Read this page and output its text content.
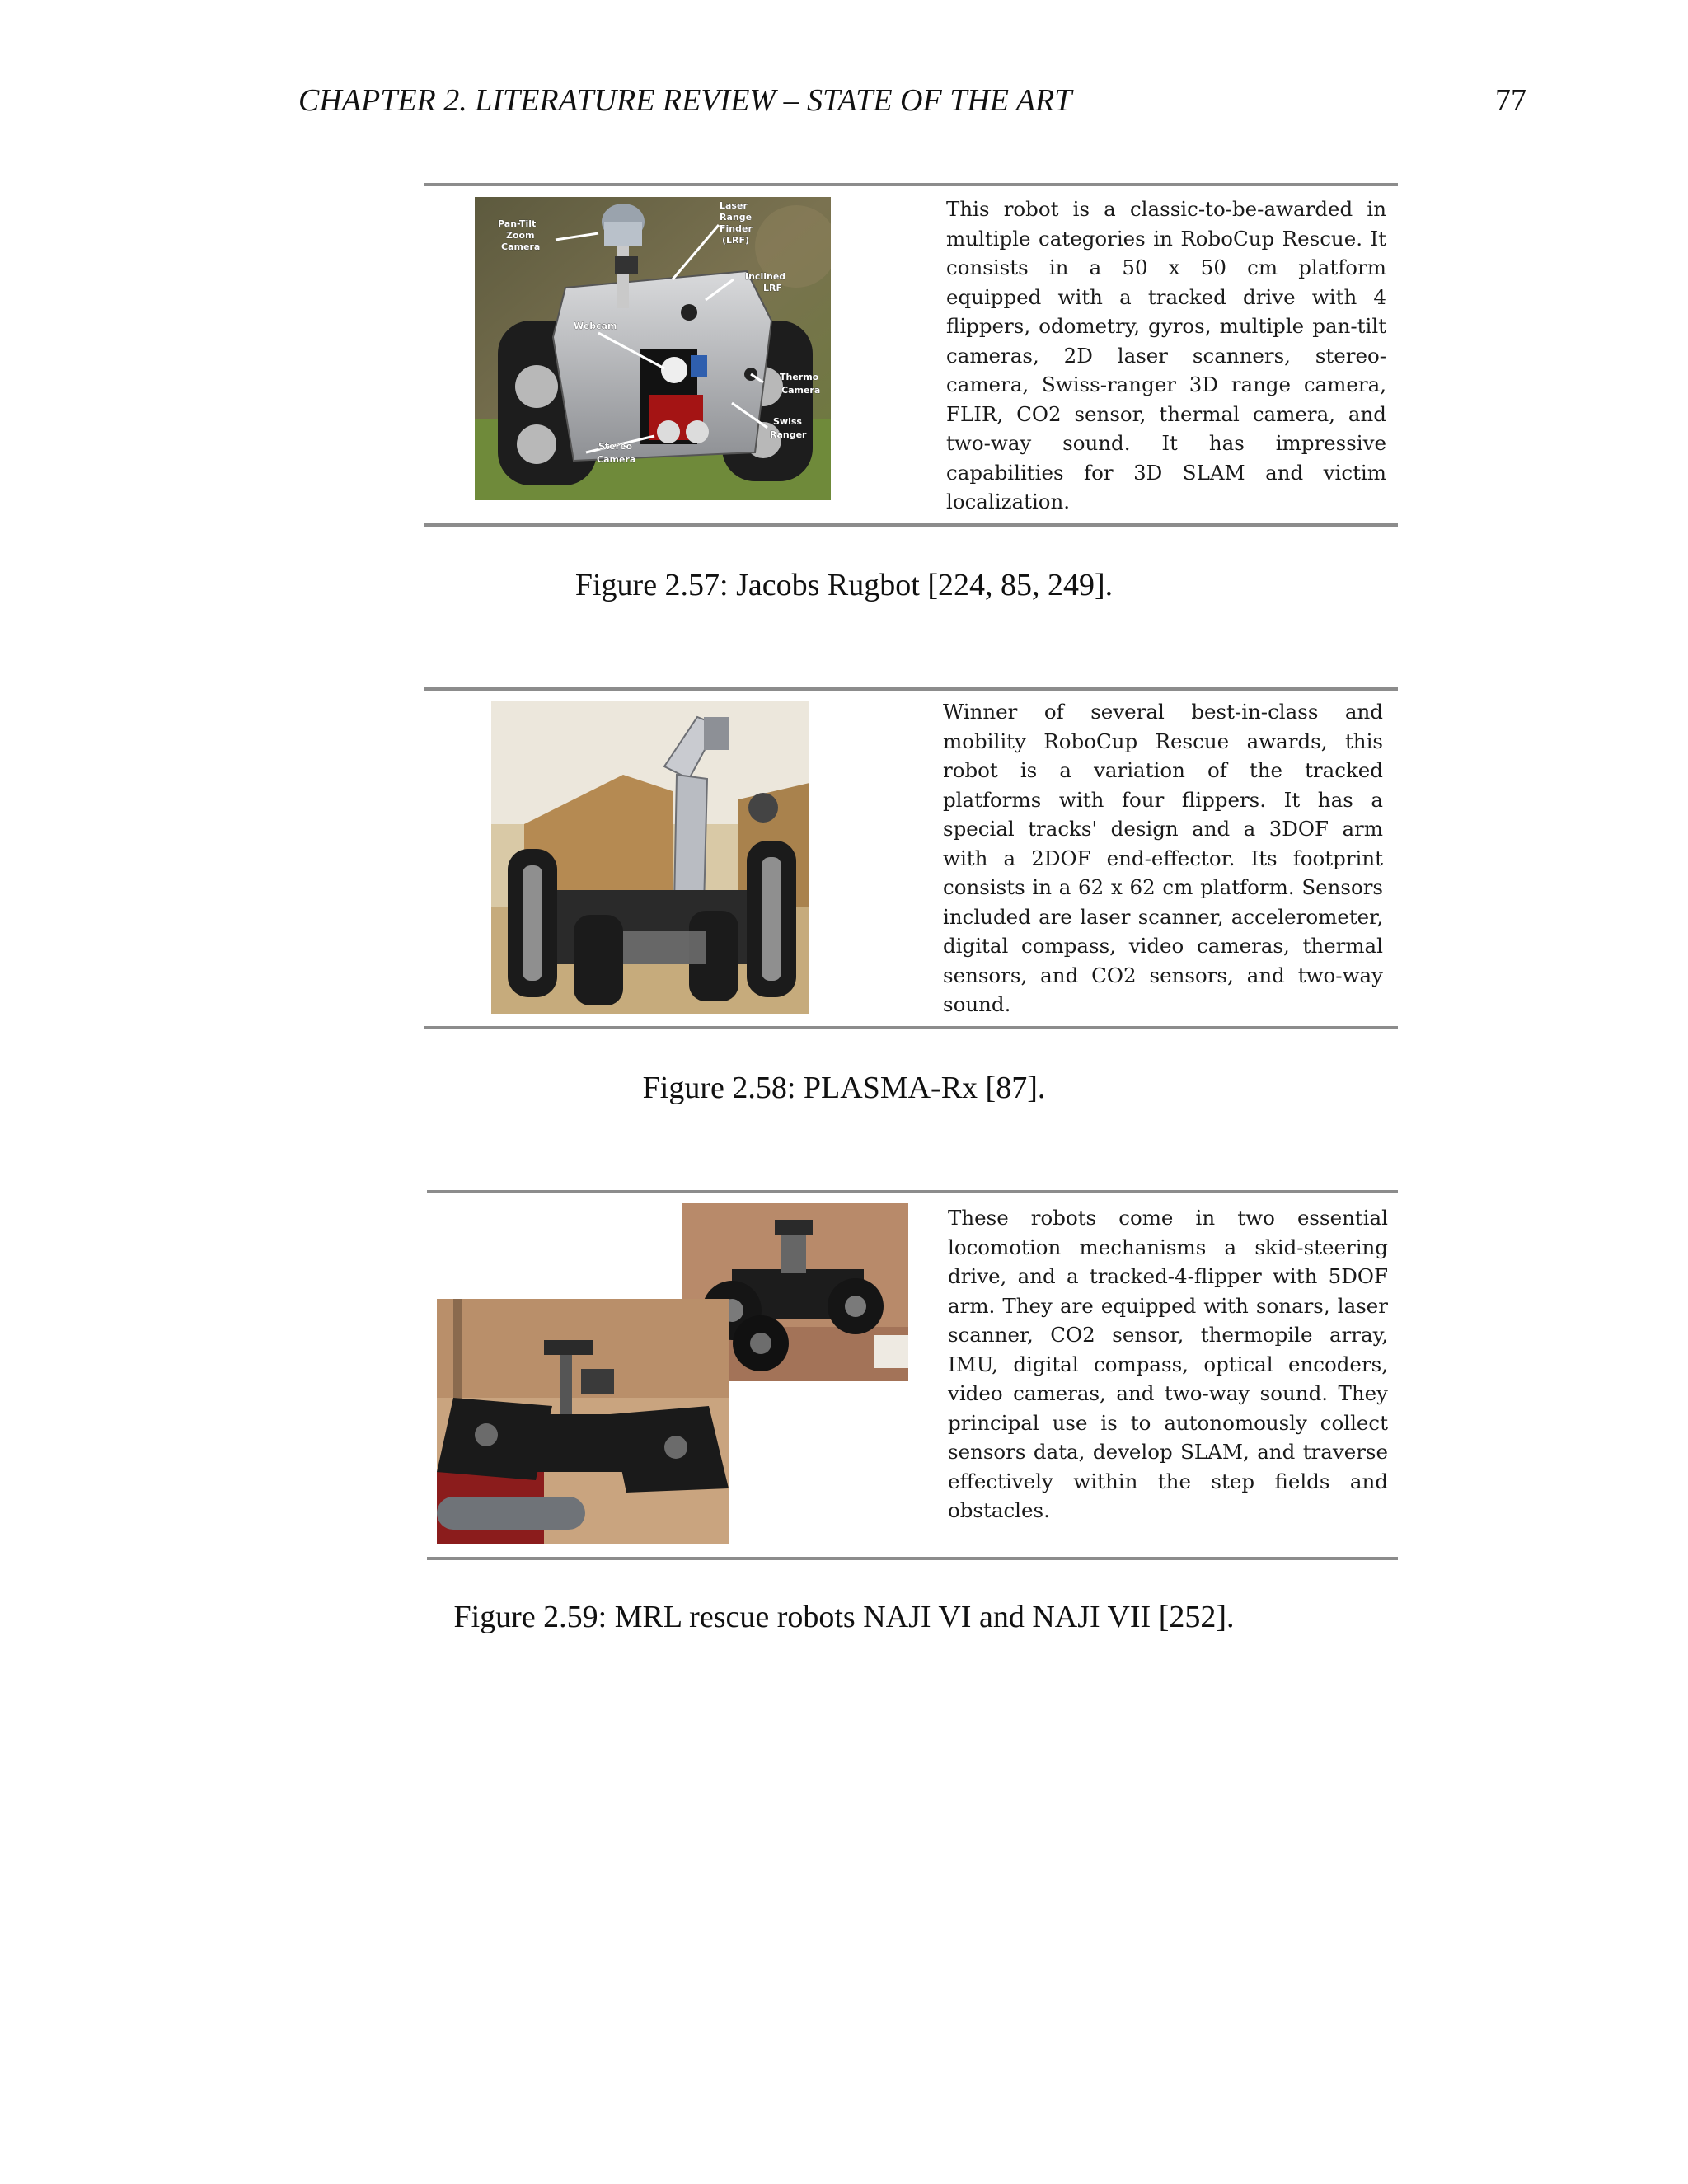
CHAPTER 2. LITERATURE REVIEW – STATE OF THE ART	77
Pan-Tilt
Zoom
Camera
Laser
Range
Finder
(LRF)
Inclined
LRF
Webcam
Thermo
Camera
Swiss
Ranger
Stereo
Camera
This robot is a classic-to-be-awarded in multiple categories in RoboCup Rescue. It consists in a 50 x 50 cm platform equipped with a tracked drive with 4 flippers, odometry, gyros, multiple pan-tilt cameras, 2D laser scanners, stereo-camera, Swiss-ranger 3D range camera, FLIR, CO2 sensor, thermal camera, and two-way sound. It has impressive capabilities for 3D SLAM and victim localization.
Figure 2.57: Jacobs Rugbot [224, 85, 249].
Winner of several best-in-class and mobility RoboCup Rescue awards, this robot is a variation of the tracked platforms with four flippers. It has a special tracks' design and a 3DOF arm with a 2DOF end-effector. Its footprint consists in a 62 x 62 cm platform. Sensors included are laser scanner, accelerometer, digital compass, video cameras, thermal sensors, and CO2 sensors, and two-way sound.
Figure 2.58: PLASMA-Rx [87].
These robots come in two essential locomotion mechanisms a skid-steering drive, and a tracked-4-flipper with 5DOF arm. They are equipped with sonars, laser scanner, CO2 sensor, thermopile array, IMU, digital compass, optical encoders, video cameras, and two-way sound. They principal use is to autonomously collect sensors data, develop SLAM, and traverse effectively within the step fields and obstacles.
Figure 2.59: MRL rescue robots NAJI VI and NAJI VII [252].
